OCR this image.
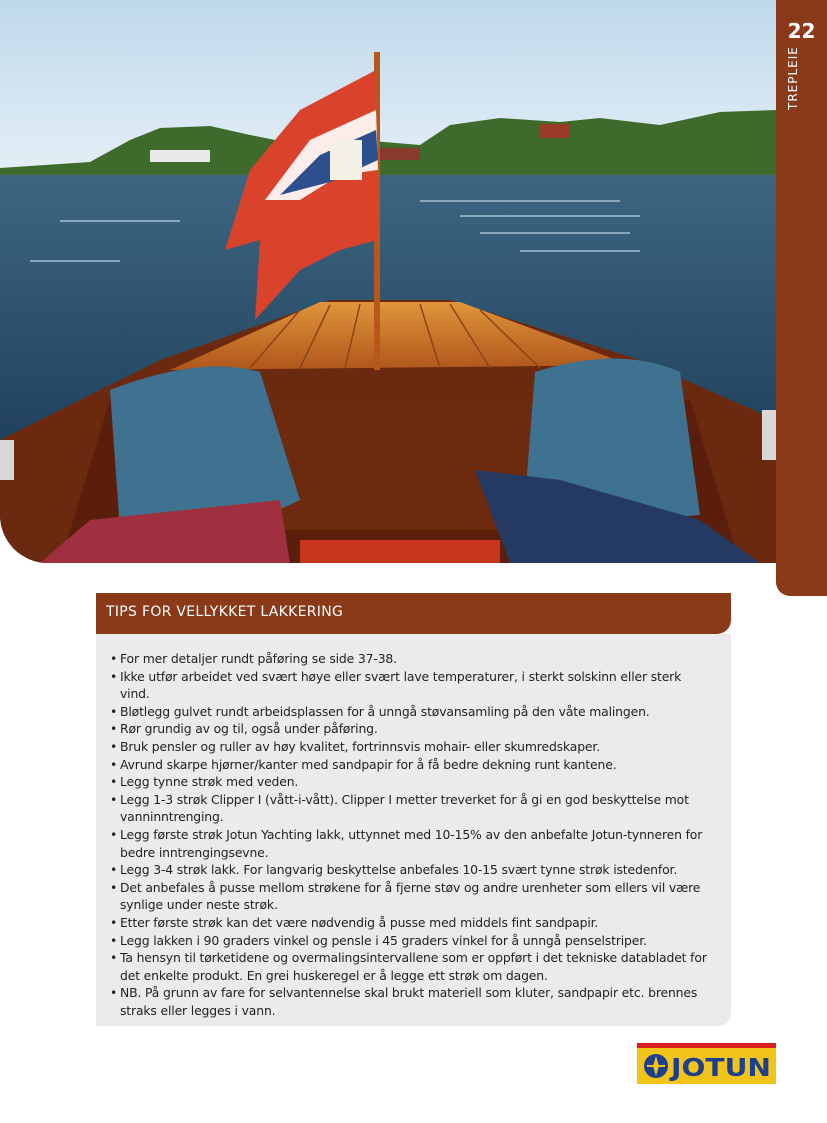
22
TREPLEIE
TIPS FOR VELLYKKET LAKKERING
• For mer detaljer rundt påføring se side 37-38.
• Ikke utfør arbeidet ved svært høye eller svært lave temperaturer, i sterkt solskinn eller sterk vind.
• Bløtlegg gulvet rundt arbeidsplassen for å unngå støvansamling på den våte malingen.
• Rør grundig av og til, også under påføring.
• Bruk pensler og ruller av høy kvalitet, fortrinnsvis mohair- eller skumredskaper.
• Avrund skarpe hjørner/kanter med sandpapir for å få bedre dekning runt kantene.
• Legg tynne strøk med veden.
• Legg 1-3 strøk Clipper I (vått-i-vått). Clipper I metter treverket for å gi en god beskyttelse mot vanninntrenging.
• Legg første strøk Jotun Yachting lakk, uttynnet med 10-15% av den anbefalte Jotun-tynneren for bedre inntrengingsevne.
• Legg 3-4 strøk lakk. For langvarig beskyttelse anbefales 10-15 svært tynne strøk istedenfor.
• Det anbefales å pusse mellom strøkene for å fjerne støv og andre urenheter som ellers vil være synlige under neste strøk.
• Etter første strøk kan det være nødvendig å pusse med middels fint sandpapir.
• Legg lakken i 90 graders vinkel og pensle i 45 graders vinkel for å unngå penselstriper.
• Ta hensyn til tørketidene og overmalingsintervallene som er oppført i det tekniske databladet for det enkelte produkt. En grei huskeregel er å legge ett strøk om dagen.
• NB. På grunn av fare for selvantennelse skal brukt materiell som kluter, sandpapir etc. brennes straks eller legges i vann.
JOTUN
